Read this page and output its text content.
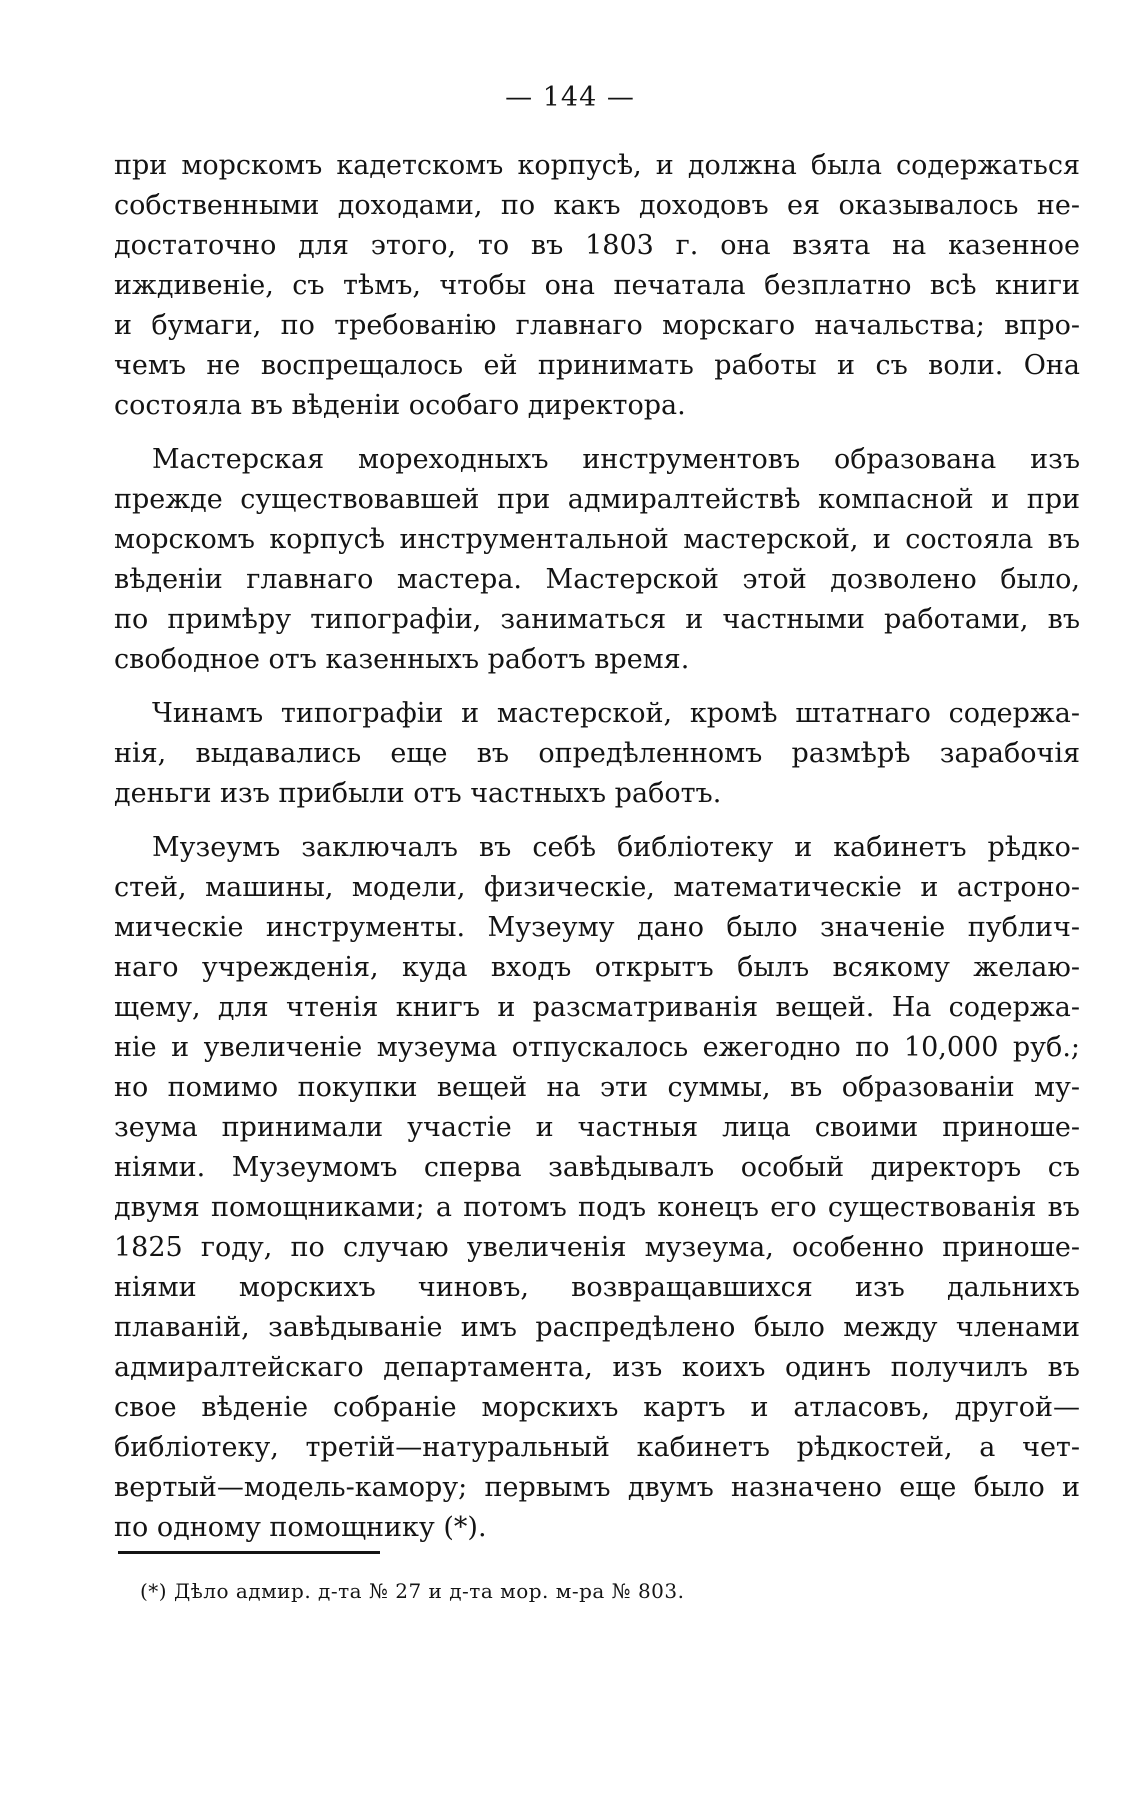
— 144 —
при морскомъ кадетскомъ корпусѣ, и должна была содержаться
собственными доходами, по какъ доходовъ ея оказывалось не-
достаточно для этого, то въ 1803 г. она взята на казенное
иждивеніе, съ тѣмъ, чтобы она печатала безплатно всѣ книги
и бумаги, по требованію главнаго морскаго начальства; впро-
чемъ не воспрещалось ей принимать работы и съ воли. Она
состояла въ вѣденіи особаго директора.
Мастерская мореходныхъ инструментовъ образована изъ
прежде существовавшей при адмиралтействѣ компасной и при
морскомъ корпусѣ инструментальной мастерской, и состояла въ
вѣденіи главнаго мастера. Мастерской этой дозволено было,
по примѣру типографіи, заниматься и частными работами, въ
свободное отъ казенныхъ работъ время.
Чинамъ типографіи и мастерской, кромѣ штатнаго содержа-
нія, выдавались еще въ опредѣленномъ размѣрѣ зарабочія
деньги изъ прибыли отъ частныхъ работъ.
Музеумъ заключалъ въ себѣ библіотеку и кабинетъ рѣдко-
стей, машины, модели, физическіе, математическіе и астроно-
мическіе инструменты. Музеуму дано было значеніе публич-
наго учрежденія, куда входъ открытъ былъ всякому желаю-
щему, для чтенія книгъ и разсматриванія вещей. На содержа-
ніе и увеличеніе музеума отпускалось ежегодно по 10,000 руб.;
но помимо покупки вещей на эти суммы, въ образованіи му-
зеума принимали участіе и частныя лица своими приноше-
ніями. Музеумомъ сперва завѣдывалъ особый директоръ съ
двумя помощниками; а потомъ подъ конецъ его существованія въ
1825 году, по случаю увеличенія музеума, особенно приноше-
ніями морскихъ чиновъ, возвращавшихся изъ дальнихъ
плаваній, завѣдываніе имъ распредѣлено было между членами
адмиралтейскаго департамента, изъ коихъ одинъ получилъ въ
свое вѣденіе собраніе морскихъ картъ и атласовъ, другой—
библіотеку, третій—натуральный кабинетъ рѣдкостей, а чет-
вертый—модель-камору; первымъ двумъ назначено еще было и
по одному помощнику (*).
(*) Дѣло адмир. д-та № 27 и д-та мор. м-ра № 803.
